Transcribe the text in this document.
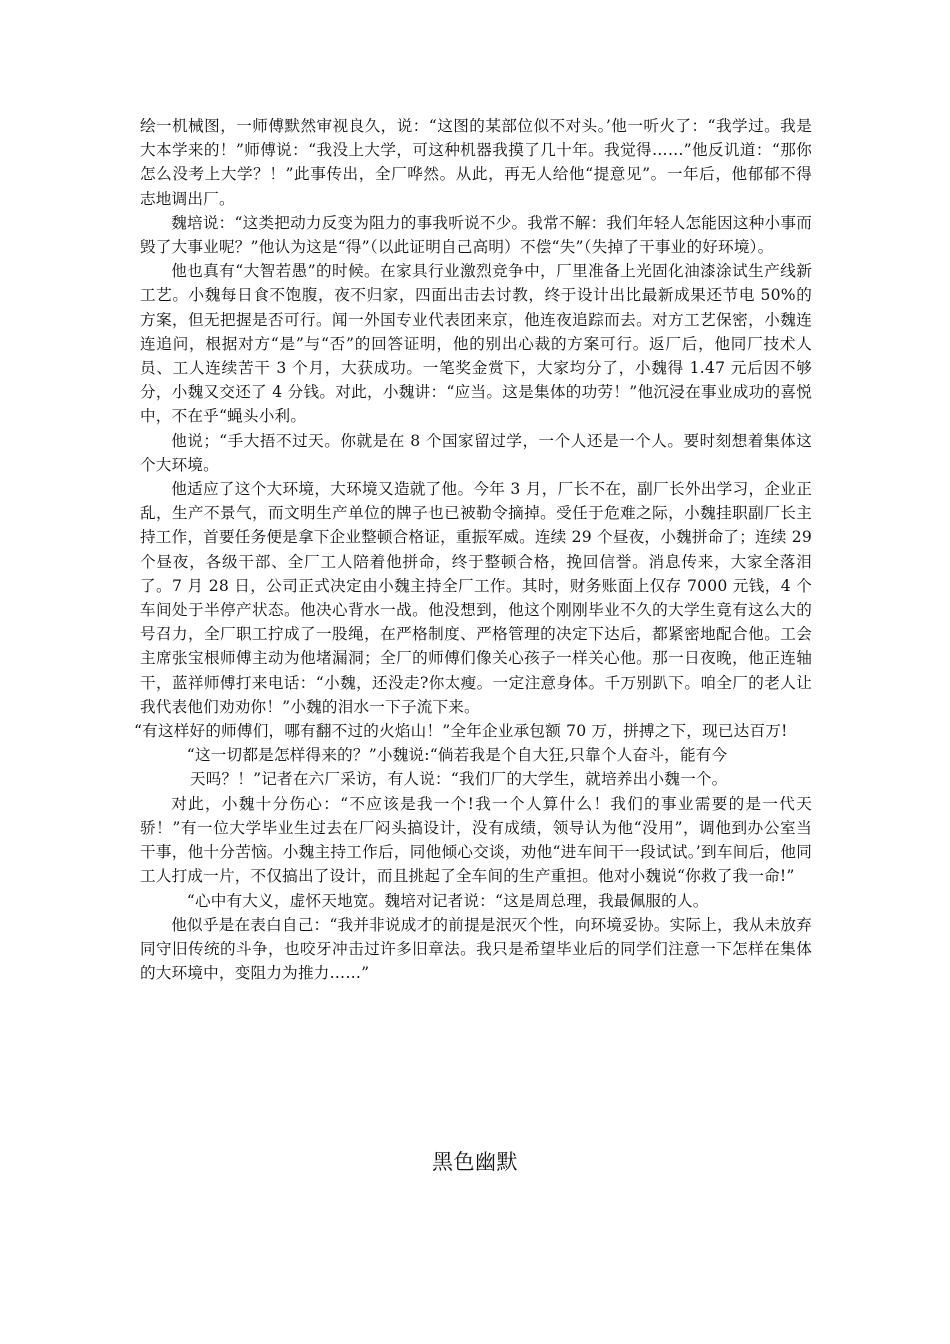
绘一机械图，一师傅默然审视良久，说：“这图的某部位似不对头。’他一听火了：“我学过。我是大本学来的！”师傅说：“我没上大学，可这种机器我摸了几十年。我觉得……”他反讥道：“那你怎么没考上大学？！”此事传出，全厂哗然。从此，再无人给他“提意见”。一年后，他郁郁不得志地调出厂。

魏培说：“这类把动力反变为阻力的事我听说不少。我常不解：我们年轻人怎能因这种小事而毁了大事业呢？”他认为这是“得”（以此证明自己高明）不偿“失”（失掉了干事业的好环境）。

他也真有“大智若愚”的时候。在家具行业激烈竞争中，厂里准备上光固化油漆涂试生产线新工艺。小魏每日食不饱腹，夜不归家，四面出击去讨教，终于设计出比最新成果还节电 50%的方案，但无把握是否可行。闻一外国专业代表团来京，他连夜追踪而去。对方工艺保密，小魏连连追问，根据对方“是”与“否”的回答证明，他的别出心裁的方案可行。返厂后，他同厂技术人员、工人连续苦干 3 个月，大获成功。一笔奖金赏下，大家均分了，小魏得 1.47 元后因不够分，小魏又交还了 4 分钱。对此，小魏讲：“应当。这是集体的功劳！”他沉浸在事业成功的喜悦中，不在乎“蝇头小利。

他说；“手大捂不过天。你就是在 8 个国家留过学，一个人还是一个人。要时刻想着集体这个大环境。

他适应了这个大环境，大环境又造就了他。今年 3 月，厂长不在，副厂长外出学习，企业正乱，生产不景气，而文明生产单位的牌子也已被勒令摘掉。受任于危难之际，小魏挂职副厂长主持工作，首要任务便是拿下企业整顿合格证，重振军威。连续 29 个昼夜，小魏拼命了；连续 29 个昼夜，各级干部、全厂工人陪着他拼命，终于整顿合格，挽回信誉。消息传来，大家全落泪了。7 月 28 日，公司正式决定由小魏主持全厂工作。其时，财务账面上仅存 7000 元钱，4 个车间处于半停产状态。他决心背水一战。他没想到，他这个刚刚毕业不久的大学生竟有这么大的号召力，全厂职工拧成了一股绳，在严格制度、严格管理的决定下达后，都紧密地配合他。工会主席张宝根师傅主动为他堵漏洞；全厂的师傅们像关心孩子一样关心他。那一日夜晚，他正连轴干，蓝祥师傅打来电话：“小魏，还没走?你太瘦。一定注意身体。千万别趴下。咱全厂的老人让我代表他们劝劝你！”小魏的泪水一下子流下来。

“有这样好的师傅们，哪有翻不过的火焰山！”全年企业承包额 70 万，拼搏之下，现已达百万!

“这一切都是怎样得来的？”小魏说:“倘若我是个自大狂,只靠个人奋斗，能有今

天吗？！”记者在六厂采访，有人说：“我们厂的大学生，就培养出小魏一个。

对此，小魏十分伤心：“不应该是我一个!我一个人算什么！我们的事业需要的是一代天骄！”有一位大学毕业生过去在厂闷头搞设计，没有成绩，领导认为他“没用”，调他到办公室当干事，他十分苦恼。小魏主持工作后，同他倾心交谈，劝他“进车间干一段试试。’到车间后，他同工人打成一片，不仅搞出了设计，而且挑起了全车间的生产重担。他对小魏说“你救了我一命!”

“心中有大义，虚怀天地宽。魏培对记者说：“这是周总理，我最佩服的人。

他似乎是在表白自己：“我并非说成才的前提是泯灭个性，向环境妥协。实际上，我从未放弃同守旧传统的斗争，也咬牙冲击过许多旧章法。我只是希望毕业后的同学们注意一下怎样在集体的大环境中，变阻力为推力……”

黑色幽默
